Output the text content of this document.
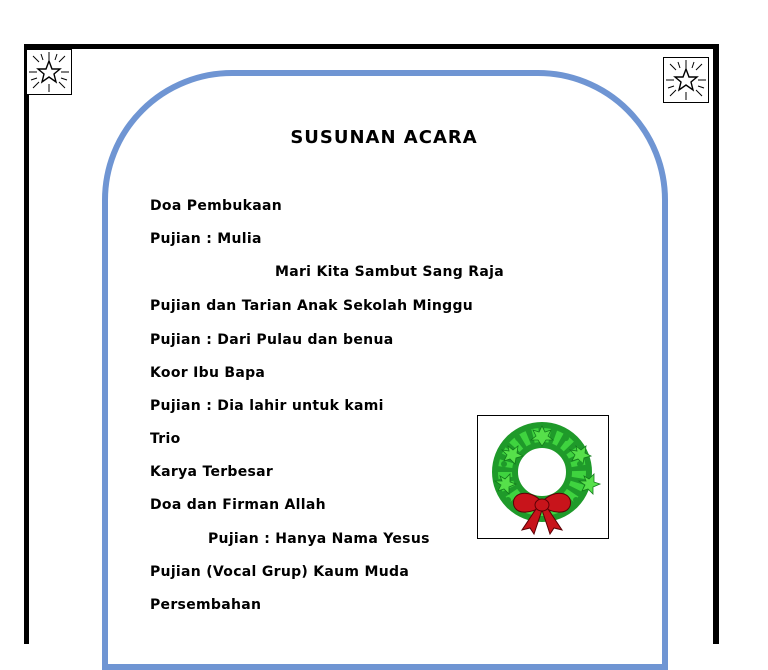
SUSUNAN ACARA
Doa Pembukaan
Pujian : Mulia
Mari Kita Sambut Sang Raja
Pujian dan Tarian Anak Sekolah Minggu
Pujian : Dari Pulau dan benua
Koor Ibu Bapa
Pujian : Dia lahir untuk kami
Trio
Karya Terbesar
Doa dan Firman Allah
Pujian : Hanya Nama Yesus
Pujian (Vocal Grup) Kaum Muda
Persembahan
